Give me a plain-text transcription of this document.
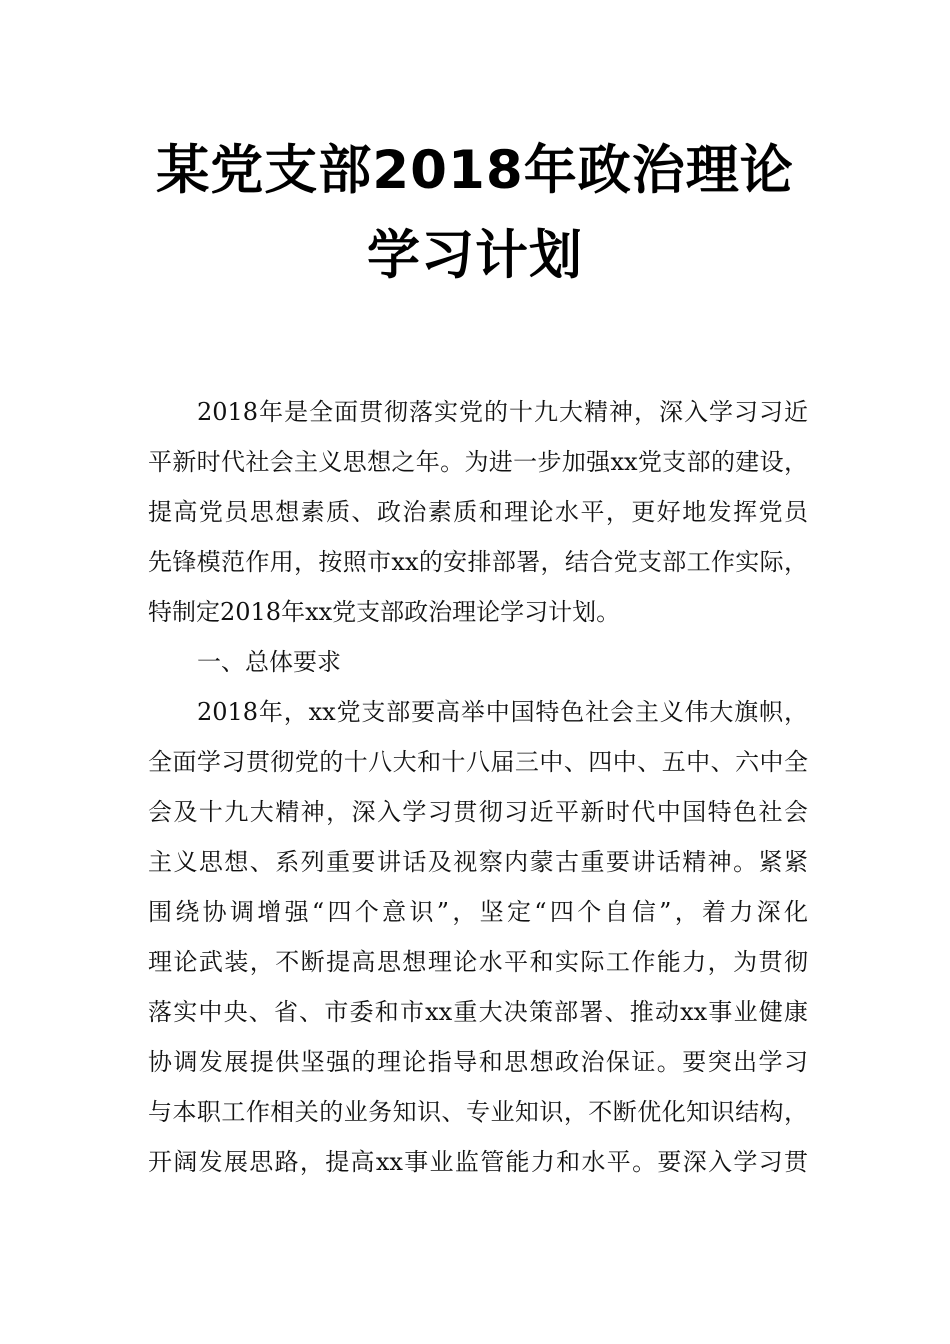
某党支部2018年政治理论
学习计划
2018年是全面贯彻落实党的十九大精神，深入学习习近
平新时代社会主义思想之年。为进一步加强xx党支部的建设，
提高党员思想素质、政治素质和理论水平，更好地发挥党员
先锋模范作用，按照市xx的安排部署，结合党支部工作实际，
特制定2018年xx党支部政治理论学习计划。
一、总体要求
2018年，xx党支部要高举中国特色社会主义伟大旗帜，
全面学习贯彻党的十八大和十八届三中、四中、五中、六中全
会及十九大精神，深入学习贯彻习近平新时代中国特色社会
主义思想、系列重要讲话及视察内蒙古重要讲话精神。紧紧
围绕协调增强“四个意识”，坚定“四个自信”，着力深化
理论武装，不断提高思想理论水平和实际工作能力，为贯彻
落实中央、省、市委和市xx重大决策部署、推动xx事业健康
协调发展提供坚强的理论指导和思想政治保证。要突出学习
与本职工作相关的业务知识、专业知识，不断优化知识结构，
开阔发展思路，提高xx事业监管能力和水平。要深入学习贯
